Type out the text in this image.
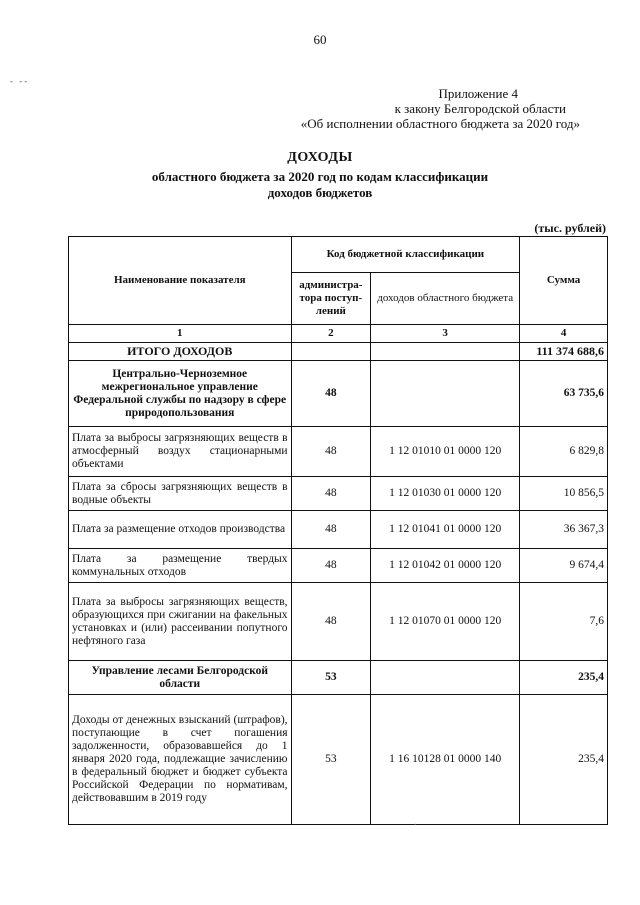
60
- --
Приложение 4
к закону Белгородской области
«Об исполнении областного бюджета за 2020 год»
ДОХОДЫ
областного бюджета за 2020 год по кодам классификации
доходов бюджетов
(тыс. рублей)
Наименование показателя	Код бюджетной классификации		Сумма
	администра-тора поступ-лений	доходов областного бюджета	
1	2	3	4
ИТОГО ДОХОДОВ			111 374 688,6
Центрально-Черноземное межрегиональное управление Федеральной службы по надзору в сфере природопользования	48		63 735,6
Плата за выбросы загрязняющих веществ в атмосферный воздух стационарными объектами	48	1 12 01010 01 0000 120	6 829,8
Плата за сбросы загрязняющих веществ в водные объекты	48	1 12 01030 01 0000 120	10 856,5
Плата за размещение отходов производства	48	1 12 01041 01 0000 120	36 367,3
Плата за размещение твердых коммунальных отходов	48	1 12 01042 01 0000 120	9 674,4
Плата за выбросы загрязняющих веществ, образующихся при сжигании на факельных установках и (или) рассеивании попутного нефтяного газа	48	1 12 01070 01 0000 120	7,6
Управление лесами Белгородской области	53		235,4
Доходы от денежных взысканий (штрафов), поступающие в счет погашения задолженности, образовавшейся до 1 января 2020 года, подлежащие зачислению в федеральный бюджет и бюджет субъекта Российской Федерации по нормативам, действовавшим в 2019 году	53	1 16 10128 01 0000 140	235,4
.
